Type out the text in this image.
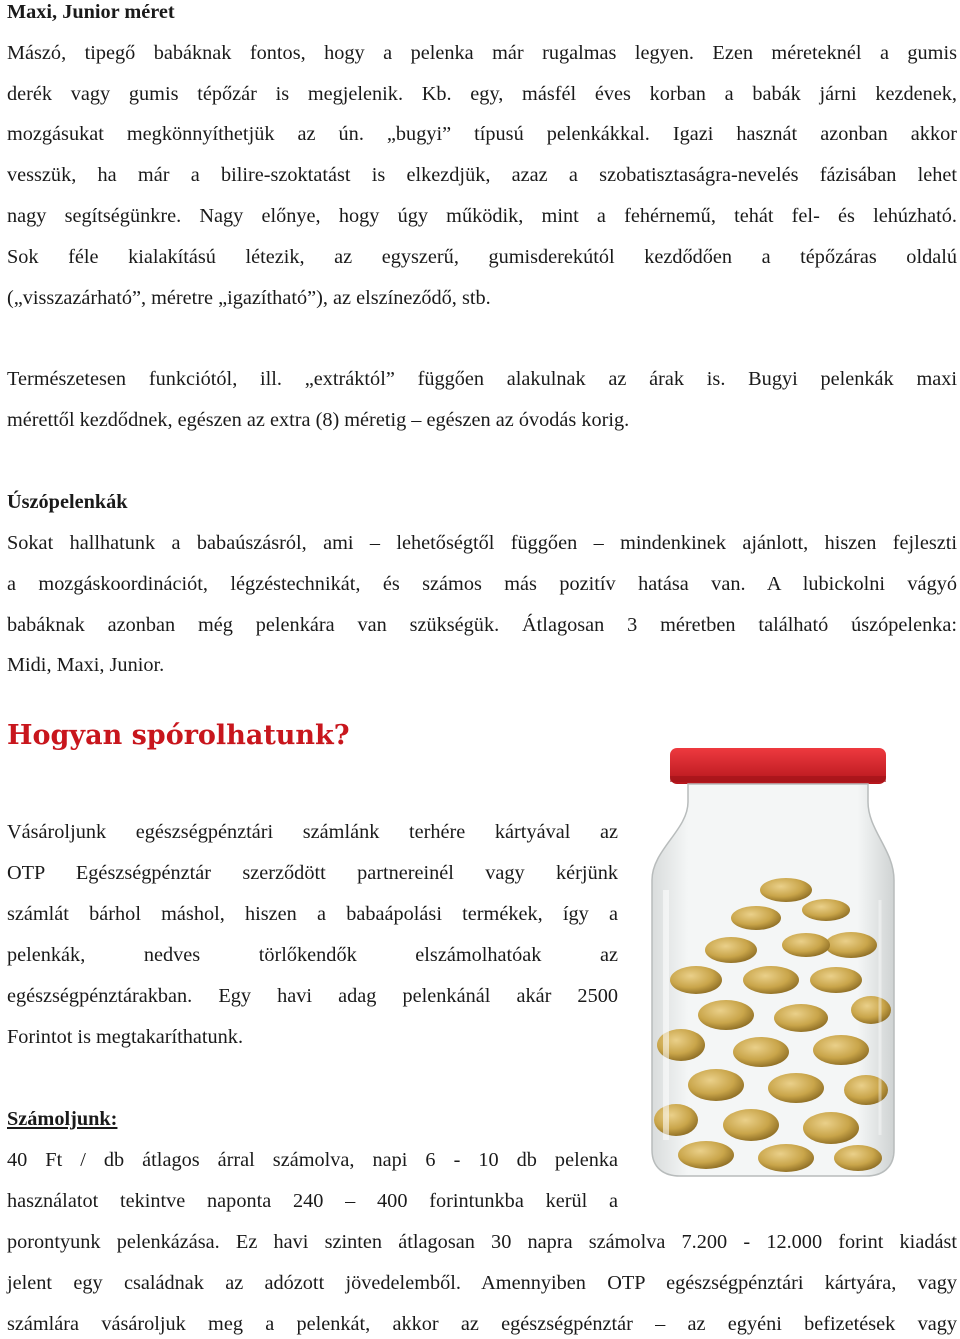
Maxi, Junior méret
Mászó, tipegő babáknak fontos, hogy a pelenka már rugalmas legyen. Ezen méreteknél a gumis
derék vagy gumis tépőzár is megjelenik. Kb. egy, másfél éves korban a babák járni kezdenek,
mozgásukat megkönnyíthetjük az ún. „bugyi” típusú pelenkákkal. Igazi hasznát azonban akkor
vesszük, ha már a bilire-szoktatást is elkezdjük, azaz a szobatisztaságra-nevelés fázisában lehet
nagy segítségünkre. Nagy előnye, hogy úgy működik, mint a fehérnemű, tehát fel- és lehúzható.
Sok féle kialakítású létezik, az egyszerű, gumisderekútól kezdődően a tépőzáras oldalú
(„visszazárható”, méretre „igazítható”), az elszíneződő, stb.
Természetesen funkciótól, ill. „extráktól” függően alakulnak az árak is. Bugyi pelenkák maxi
mérettől kezdődnek, egészen az extra (8) méretig – egészen az óvodás korig.
Úszópelenkák
Sokat hallhatunk a babaúszásról, ami – lehetőségtől függően – mindenkinek ajánlott, hiszen fejleszti
a mozgáskoordinációt, légzéstechnikát, és számos más pozitív hatása van. A lubickolni vágyó
babáknak azonban még pelenkára van szükségük. Átlagosan 3 méretben található úszópelenka:
Midi, Maxi, Junior.
Hogyan spórolhatunk?
Vásároljunk egészségpénztári számlánk terhére kártyával az
OTP Egészségpénztár szerződött partnereinél vagy kérjünk
számlát bárhol máshol, hiszen a babaápolási termékek, így a
pelenkák, nedves törlőkendők elszámolhatóak az
egészségpénztárakban. Egy havi adag pelenkánál akár 2500
Forintot is megtakaríthatunk.
Számoljunk:
40 Ft / db átlagos árral számolva, napi 6 - 10 db pelenka
használatot tekintve naponta 240 – 400 forintunkba kerül a
porontyunk pelenkázása. Ez havi szinten átlagosan 30 napra számolva 7.200 - 12.000 forint kiadást
jelent egy családnak az adózott jövedelemből. Amennyiben OTP egészségpénztári kártyára, vagy
számlára vásároljuk meg a pelenkát, akkor az egészségpénztár – az egyéni befizetések vagy
